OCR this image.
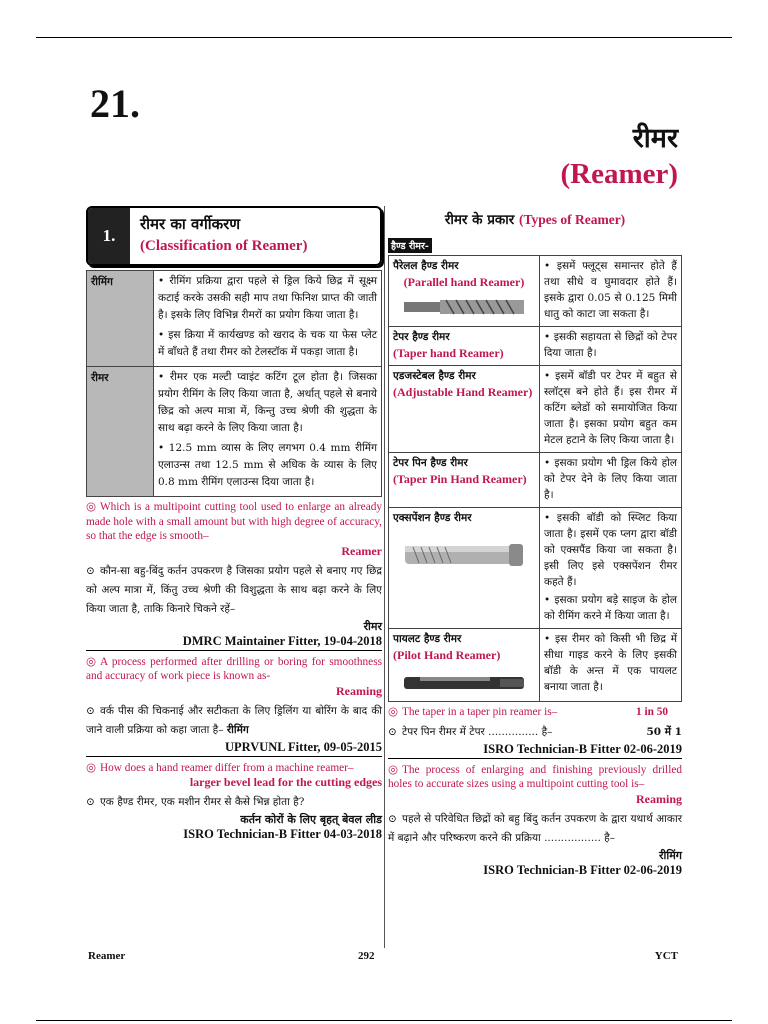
21.
रीमर
(Reamer)
1.
रीमर का वर्गीकरण
(Classification of Reamer)
रीमिंग	• रीमिंग प्रक्रिया द्वारा पहले से ड्रिल किये छिद्र में सूक्ष्म कटाई करके उसकी सही माप तथा फिनिश प्राप्त की जाती है। इसके लिए विभिन्न रीमरों का प्रयोग किया जाता है।

• इस क्रिया में कार्यखण्ड को खराद के चक या फेस प्लेट में बाँधते हैं तथा रीमर को टेलस्टॉक में पकड़ा जाता है।

रीमर	• रीमर एक मल्टी प्वाइंट कटिंग टूल होता है। जिसका प्रयोग रीमिंग के लिए किया जाता है, अर्थात् पहले से बनाये छिद्र को अल्प मात्रा में, किन्तु उच्च श्रेणी की शुद्धता के साथ बढ़ा करने के लिए किया जाता है।

• 12.5 mm व्यास के लिए लगभग 0.4 mm रीमिंग एलाउन्स तथा 12.5 mm से अधिक के व्यास के लिए 0.8 mm रीमिंग एलाउन्स दिया जाता है।

◎ Which is a multipoint cutting tool used to enlarge an already made hole with a small amount but with high degree of accuracy, so that the edge is smooth–
Reamer
⊙ कौन-सा बहु-बिंदु कर्तन उपकरण है जिसका प्रयोग पहले से बनाए गए छिद्र को अल्प मात्रा में, किंतु उच्च श्रेणी की विशुद्धता के साथ बढ़ा करने के लिए किया जाता है, ताकि किनारे चिकने रहें–
रीमर
DMRC Maintainer Fitter, 19-04-2018
◎ A process performed after drilling or boring for smoothness and accuracy of work piece is known as-
Reaming
⊙ वर्क पीस की चिकनाई और सटीकता के लिए ड्रिलिंग या बोरिंग के बाद की जाने वाली प्रक्रिया को कहा जाता है– रीमिंग
UPRVUNL Fitter, 09-05-2015
◎ How does a hand reamer differ from a machine reamer–
larger bevel lead for the cutting edges
⊙ एक हैण्ड रीमर, एक मशीन रीमर से कैसे भिन्न होता है?
कर्तन कोरों के लिए बृहत् बेवल लीड
ISRO Technician-B Fitter 04-03-2018
रीमर के प्रकार (Types of Reamer)
हैण्ड रीमर-
पैरेलल हैण्ड रीमर
(Parallel hand Reamer)	• इसमें फ्लूट्स समान्तर होते हैं तथा सीधे व घुमावदार होते हैं। इसके द्वारा 0.05 से 0.125 मिमी धातु को काटा जा सकता है।

टेपर हैण्ड रीमर
(Taper hand Reamer)	• इसकी सहायता से छिद्रों को टेपर दिया जाता है।

एडजस्टेबल हैण्ड रीमर
(Adjustable Hand Reamer)	• इसमें बॉडी पर टेपर में बहुत से स्लॉट्स बने होते हैं। इस रीमर में कटिंग ब्लेडों को समायोजित किया जाता है। इसका प्रयोग बहुत कम मेटल हटाने के लिए किया जाता है।

टेपर पिन हैण्ड रीमर
(Taper Pin Hand Reamer)	• इसका प्रयोग भी ड्रिल किये होल को टेपर देने के लिए किया जाता है।

एक्सपेंशन हैण्ड रीमर	• इसकी बॉडी को स्प्लिट किया जाता है। इसमें एक प्लग द्वारा बॉडी को एक्सपैंड किया जा सकता है। इसी लिए इसे एक्सपेंशन रीमर कहते हैं।

• इसका प्रयोग बड़े साइज के होल को रीमिंग करने में किया जाता है।

पायलट हैण्ड रीमर
(Pilot Hand Reamer)	• इस रीमर को किसी भी छिद्र में सीधा गाइड करने के लिए इसकी बॉडी के अन्त में एक पायलट बनाया जाता है।

◎ The taper in a taper pin reamer is–	1 in 50
⊙ टेपर पिन रीमर में टेपर ............... है–	50 में 1
ISRO Technician-B Fitter 02-06-2019
◎ The process of enlarging and finishing previously drilled holes to accurate sizes using a multipoint cutting tool is–
Reaming
⊙ पहले से परिवेधित छिद्रों को बहु बिंदु कर्तन उपकरण के द्वारा यथार्थ आकार में बढ़ाने और परिष्करण करने की प्रक्रिया ................. है–
रीमिंग
ISRO Technician-B Fitter 02-06-2019
Reamer	292	YCT
